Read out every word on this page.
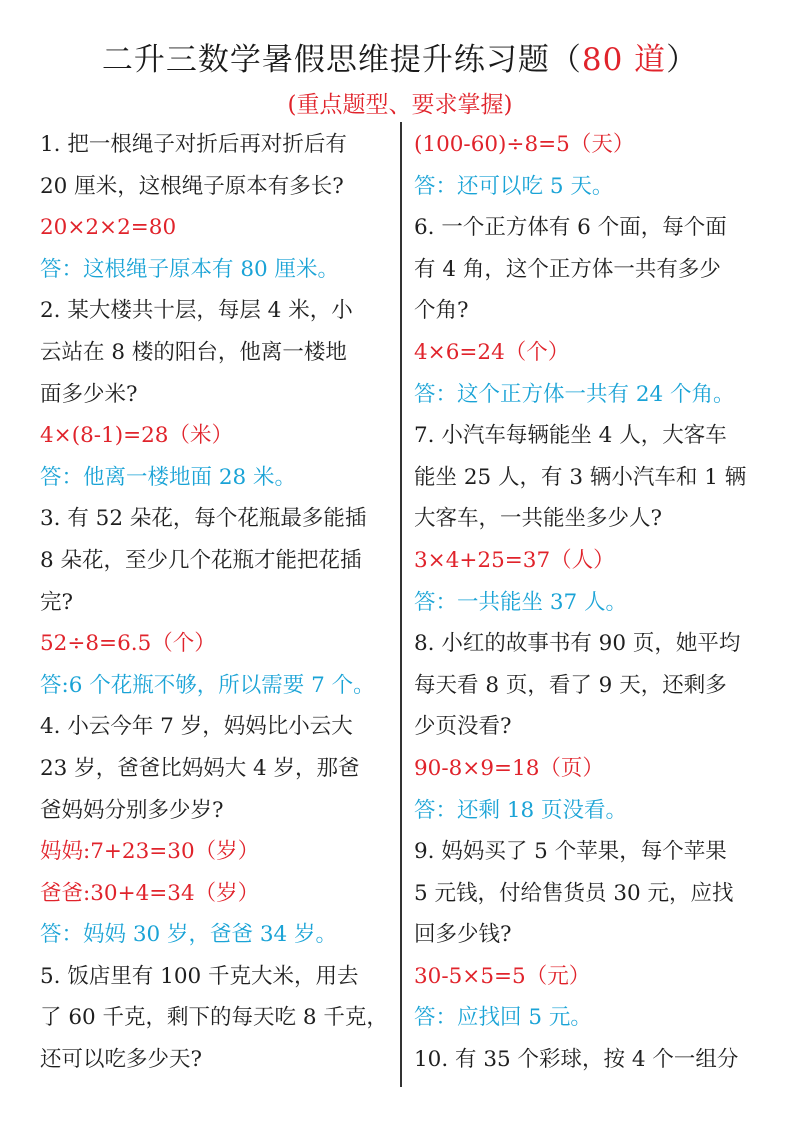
二升三数学暑假思维提升练习题（80 道）
(重点题型、要求掌握)
1. 把一根绳子对折后再对折后有
20 厘米，这根绳子原本有多长?
20×2×2=80
答：这根绳子原本有 80 厘米。
2. 某大楼共十层，每层 4 米，小
云站在 8 楼的阳台，他离一楼地
面多少米?
4×(8-1)=28（米）
答：他离一楼地面 28 米。
3. 有 52 朵花，每个花瓶最多能插
8 朵花，至少几个花瓶才能把花插
完?
52÷8=6.5（个）
答:6 个花瓶不够，所以需要 7 个。
4. 小云今年 7 岁，妈妈比小云大
23 岁，爸爸比妈妈大 4 岁，那爸
爸妈妈分别多少岁?
妈妈:7+23=30（岁）
爸爸:30+4=34（岁）
答：妈妈 30 岁，爸爸 34 岁。
5. 饭店里有 100 千克大米，用去
了 60 千克，剩下的每天吃 8 千克，
还可以吃多少天?
(100-60)÷8=5（天）
答：还可以吃 5 天。
6. 一个正方体有 6 个面，每个面
有 4 角，这个正方体一共有多少
个角?
4×6=24（个）
答：这个正方体一共有 24 个角。
7. 小汽车每辆能坐 4 人，大客车
能坐 25 人，有 3 辆小汽车和 1 辆
大客车，一共能坐多少人?
3×4+25=37（人）
答：一共能坐 37 人。
8. 小红的故事书有 90 页，她平均
每天看 8 页，看了 9 天，还剩多
少页没看?
90-8×9=18（页）
答：还剩 18 页没看。
9. 妈妈买了 5 个苹果，每个苹果
5 元钱，付给售货员 30 元，应找
回多少钱?
30-5×5=5（元）
答：应找回 5 元。
10. 有 35 个彩球，按 4 个一组分
